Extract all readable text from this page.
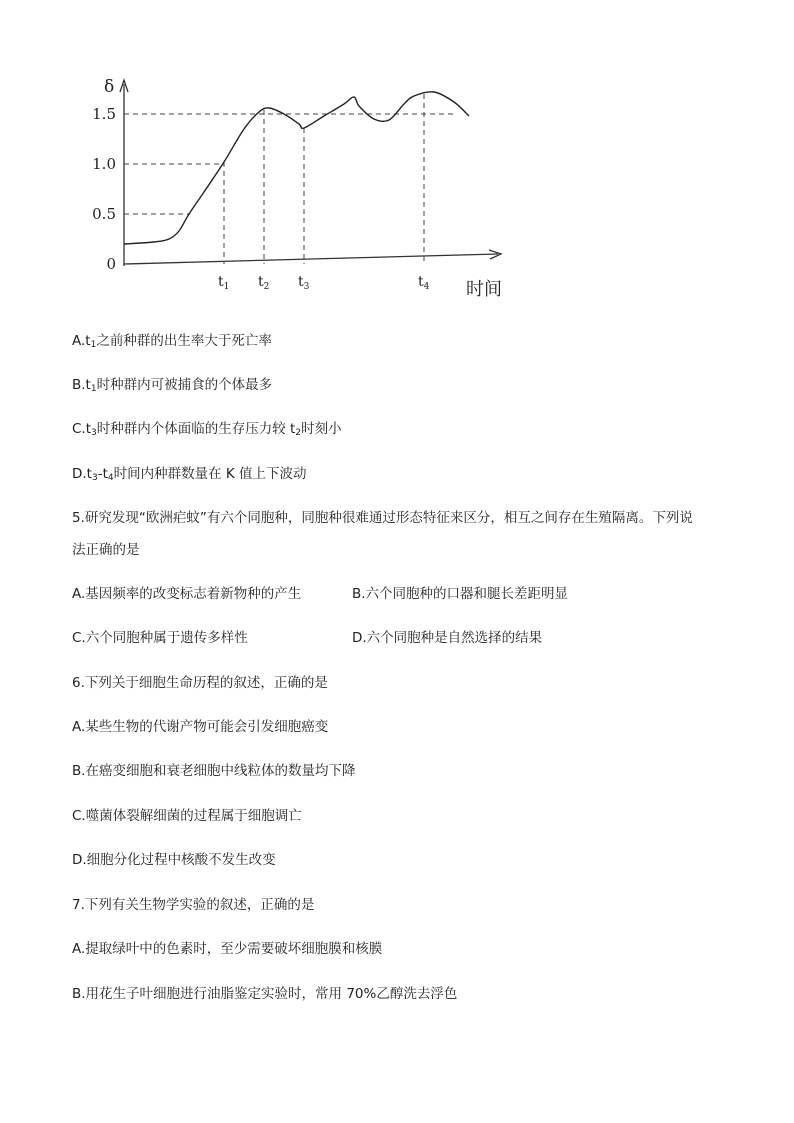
δ
0
0.5
1.0
1.5
$t_1$ $t_2$ $t_3$	$t_4$ 时间
$A.t_1$之前种群的出生率大于死亡率
$B.t_1$时种群内可被捕食的个体最多
$C.t_3$时种群内个体面临的生存压力较 $t_2$时刻小
$D.t_3-t_4$时间内种群数量在 K 值上下波动
5.研究发现“欧洲疟蚊”有六个同胞种，同胞种很难通过形态特征来区分，相互之间存在生殖隔离。下列说
法正确的是
A.基因频率的改变标志着新物种的产生	B.六个同胞种的口器和腿长差距明显
C.六个同胞种属于遗传多样性	D.六个同胞种是自然选择的结果
6.下列关于细胞生命历程的叙述，正确的是
A.某些生物的代谢产物可能会引发细胞癌变
B.在癌变细胞和衰老细胞中线粒体的数量均下降
C.噬菌体裂解细菌的过程属于细胞调亡
D.细胞分化过程中核酸不发生改变
7.下列有关生物学实验的叙述，正确的是
A.提取绿叶中的色素时，至少需要破坏细胞膜和核膜
B.用花生子叶细胞进行油脂鉴定实验时，常用 70%乙醇洗去浮色
